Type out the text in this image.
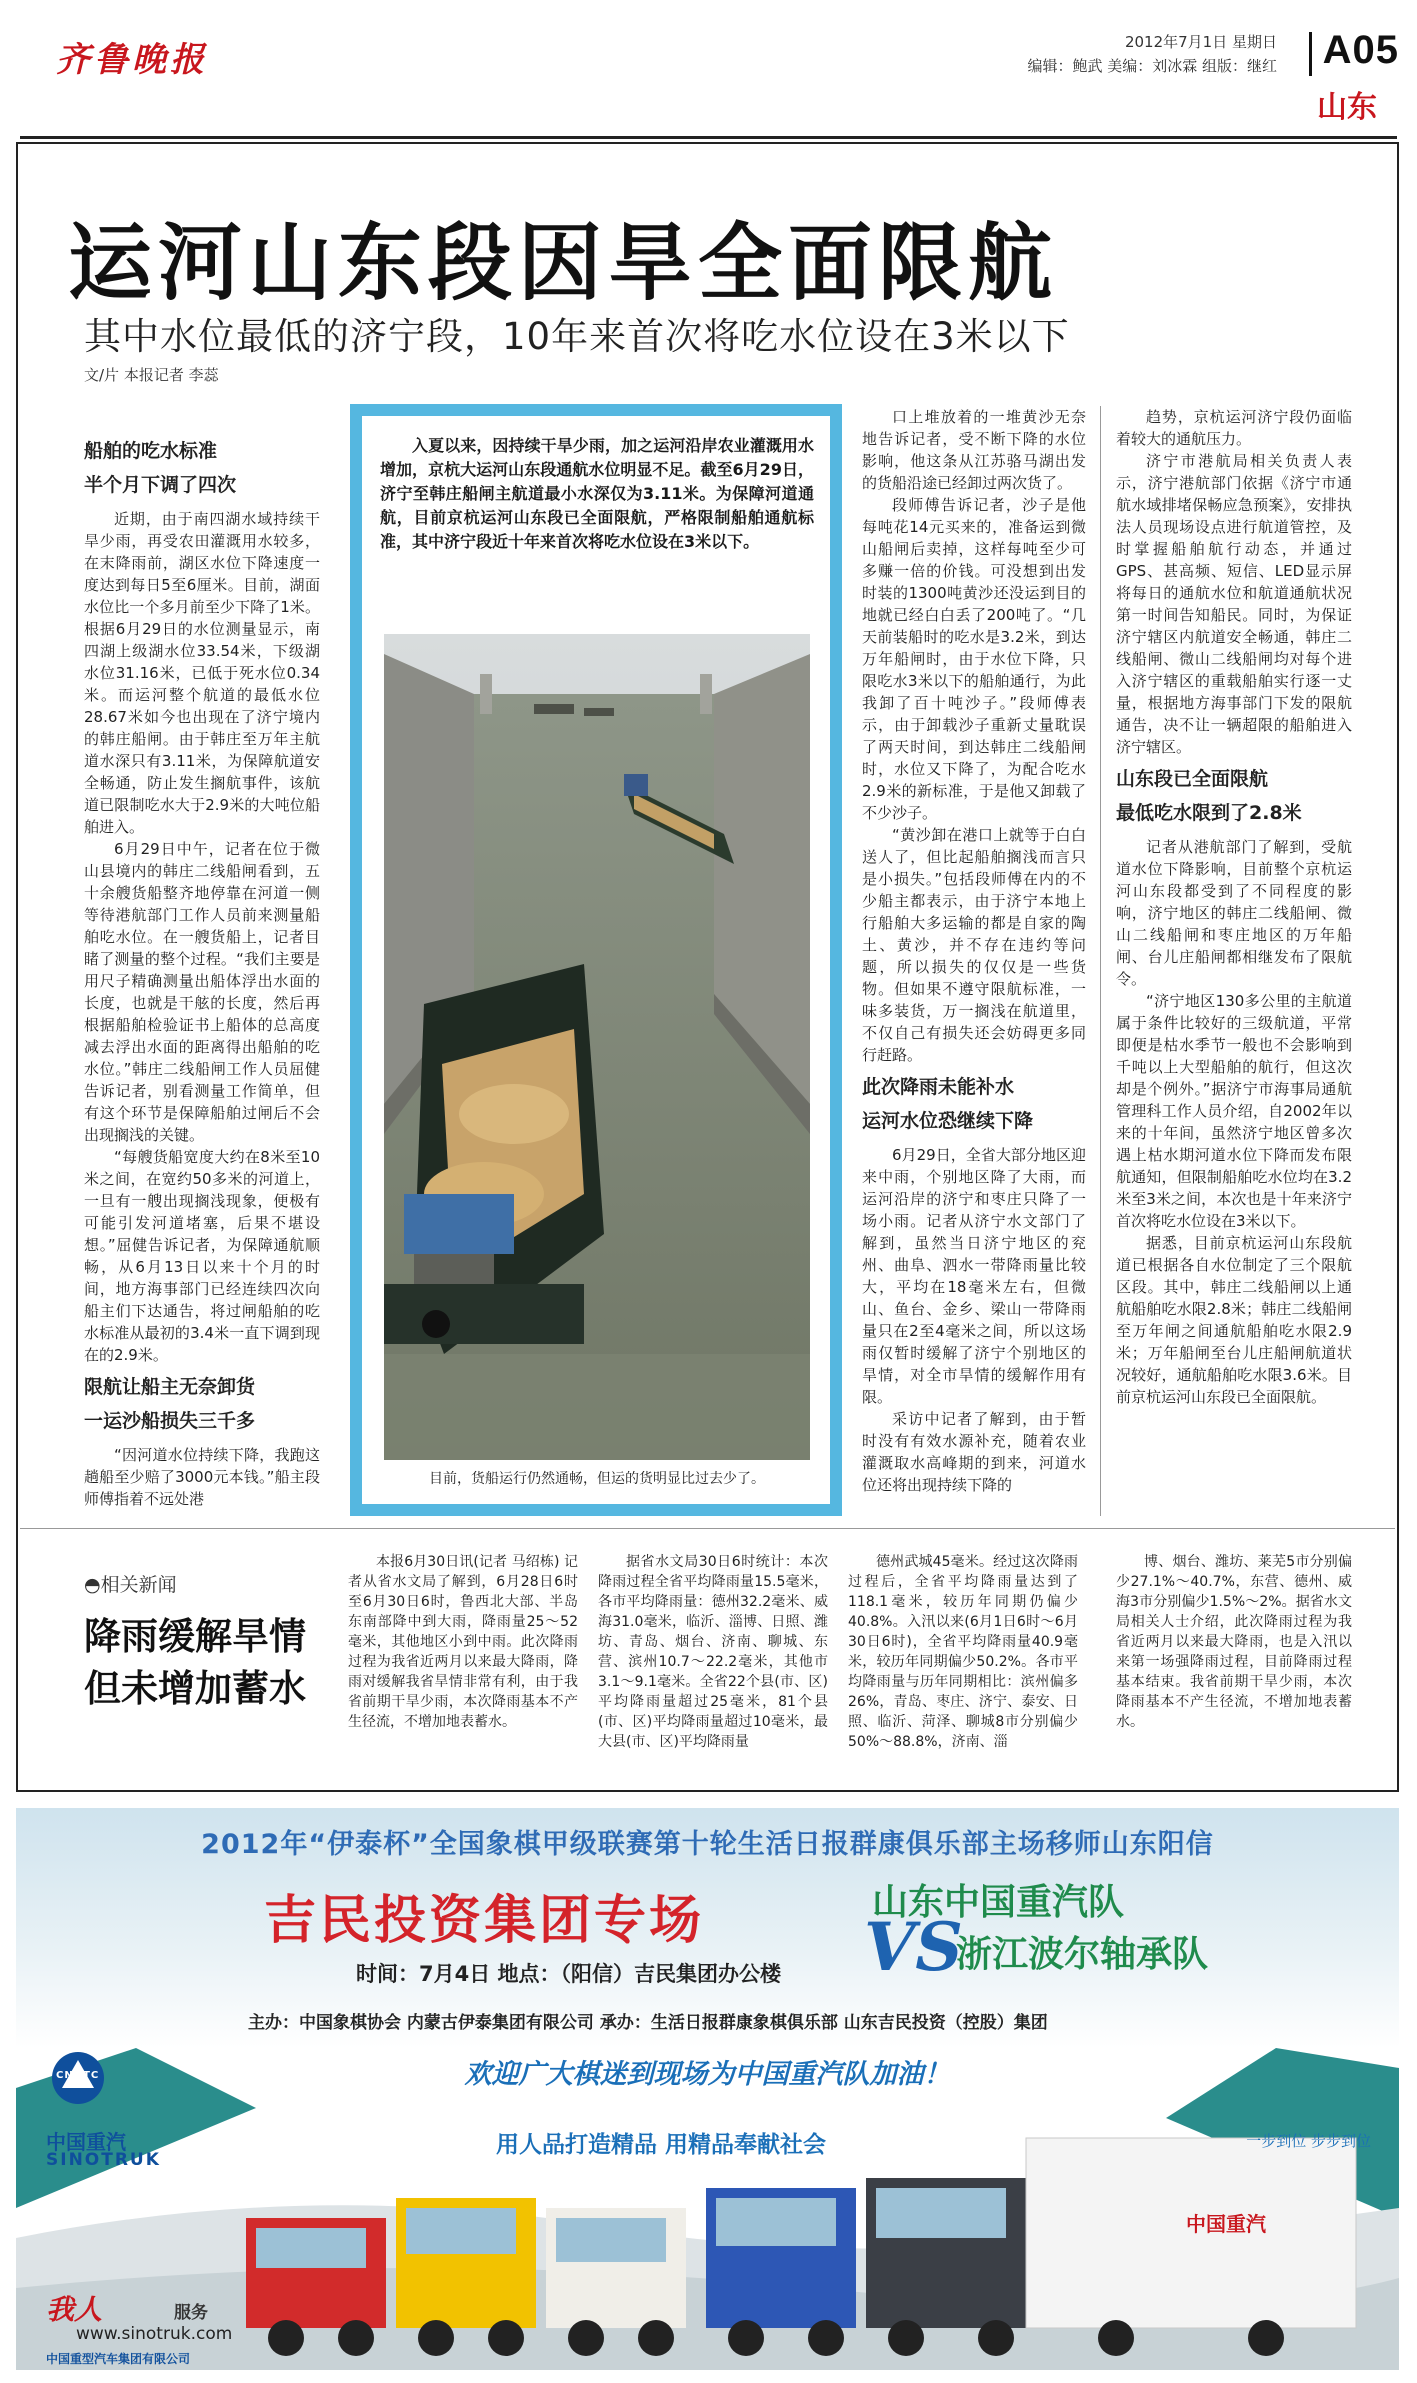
齐鲁晚报	2012年7月1日 星期日
编辑：鲍武 美编：刘冰霖 组版：继红 A05
山东
运河山东段因旱全面限航
其中水位最低的济宁段，10年来首次将吃水位设在3米以下
文/片 本报记者 李蕊
船舶的吃水标准
半个月下调了四次

近期，由于南四湖水域持续干旱少雨，再受农田灌溉用水较多，在末降雨前，湖区水位下降速度一度达到每日5至6厘米。目前，湖面水位比一个多月前至少下降了1米。根据6月29日的水位测量显示，南四湖上级湖水位33.54米，下级湖水位31.16米，已低于死水位0.34米。而运河整个航道的最低水位28.67米如今也出现在了济宁境内的韩庄船闸。由于韩庄至万年主航道水深只有3.11米，为保障航道安全畅通，防止发生搁航事件，该航道已限制吃水大于2.9米的大吨位船舶进入。

6月29日中午，记者在位于微山县境内的韩庄二线船闸看到，五十余艘货船整齐地停靠在河道一侧等待港航部门工作人员前来测量船舶吃水位。在一艘货船上，记者目睹了测量的整个过程。“我们主要是用尺子精确测量出船体浮出水面的长度，也就是干舷的长度，然后再根据船舶检验证书上船体的总高度减去浮出水面的距离得出船舶的吃水位。”韩庄二线船闸工作人员屈健告诉记者，别看测量工作简单，但有这个环节是保障船舶过闸后不会出现搁浅的关键。

“每艘货船宽度大约在8米至10米之间，在宽约50多米的河道上，一旦有一艘出现搁浅现象，便极有可能引发河道堵塞，后果不堪设想。”屈健告诉记者，为保障通航顺畅，从6月13日以来十个月的时间，地方海事部门已经连续四次向船主们下达通告，将过闸船舶的吃水标准从最初的3.4米一直下调到现在的2.9米。

限航让船主无奈卸货
一运沙船损失三千多

“因河道水位持续下降，我跑这趟船至少赔了3000元本钱。”船主段师傅指着不远处港

入夏以来，因持续干旱少雨，加之运河沿岸农业灌溉用水增加，京杭大运河山东段通航水位明显不足。截至6月29日，济宁至韩庄船闸主航道最小水深仅为3.11米。为保障河道通航，目前京杭运河山东段已全面限航，严格限制船舶通航标准，其中济宁段近十年来首次将吃水位设在3米以下。
目前，货船运行仍然通畅，但运的货明显比过去少了。

口上堆放着的一堆黄沙无奈地告诉记者，受不断下降的水位影响，他这条从江苏骆马湖出发的货船沿途已经卸过两次货了。

段师傅告诉记者，沙子是他每吨花14元买来的，准备运到微山船闸后卖掉，这样每吨至少可多赚一倍的价钱。可没想到出发时装的1300吨黄沙还没运到目的地就已经白白丢了200吨了。“几天前装船时的吃水是3.2米，到达万年船闸时，由于水位下降，只限吃水3米以下的船舶通行，为此我卸了百十吨沙子。”段师傅表示，由于卸载沙子重新丈量耽误了两天时间，到达韩庄二线船闸时，水位又下降了，为配合吃水2.9米的新标准，于是他又卸载了不少沙子。

“黄沙卸在港口上就等于白白送人了，但比起船舶搁浅而言只是小损失。”包括段师傅在内的不少船主都表示，由于济宁本地上行船舶大多运输的都是自家的陶土、黄沙，并不存在违约等问题，所以损失的仅仅是一些货物。但如果不遵守限航标准，一味多装货，万一搁浅在航道里，不仅自己有损失还会妨碍更多同行赶路。

此次降雨未能补水
运河水位恐继续下降

6月29日，全省大部分地区迎来中雨，个别地区降了大雨，而运河沿岸的济宁和枣庄只降了一场小雨。记者从济宁水文部门了解到，虽然当日济宁地区的兖州、曲阜、泗水一带降雨量比较大，平均在18毫米左右，但微山、鱼台、金乡、梁山一带降雨量只在2至4毫米之间，所以这场雨仅暂时缓解了济宁个别地区的旱情，对全市旱情的缓解作用有限。

采访中记者了解到，由于暂时没有有效水源补充，随着农业灌溉取水高峰期的到来，河道水位还将出现持续下降的

趋势，京杭运河济宁段仍面临着较大的通航压力。

济宁市港航局相关负责人表示，济宁港航部门依据《济宁市通航水域排堵保畅应急预案》，安排执法人员现场设点进行航道管控，及时掌握船舶航行动态，并通过GPS、甚高频、短信、LED显示屏将每日的通航水位和航道通航状况第一时间告知船民。同时，为保证济宁辖区内航道安全畅通，韩庄二线船闸、微山二线船闸均对每个进入济宁辖区的重载船舶实行逐一丈量，根据地方海事部门下发的限航通告，决不让一辆超限的船舶进入济宁辖区。

山东段已全面限航
最低吃水限到了2.8米

记者从港航部门了解到，受航道水位下降影响，目前整个京杭运河山东段都受到了不同程度的影响，济宁地区的韩庄二线船闸、微山二线船闸和枣庄地区的万年船闸、台儿庄船闸都相继发布了限航令。

“济宁地区130多公里的主航道属于条件比较好的三级航道，平常即便是枯水季节一般也不会影响到千吨以上大型船舶的航行，但这次却是个例外。”据济宁市海事局通航管理科工作人员介绍，自2002年以来的十年间，虽然济宁地区曾多次遇上枯水期河道水位下降而发布限航通知，但限制船舶吃水位均在3.2米至3米之间，本次也是十年来济宁首次将吃水位设在3米以下。

据悉，目前京杭运河山东段航道已根据各自水位制定了三个限航区段。其中，韩庄二线船闸以上通航船舶吃水限2.8米；韩庄二线船闸至万年闸之间通航船舶吃水限2.9米；万年船闸至台儿庄船闸航道状况较好，通航船舶吃水限3.6米。目前京杭运河山东段已全面限航。

◓相关新闻
降雨缓解旱情
但未增加蓄水

本报6月30日讯(记者 马绍栋) 记者从省水文局了解到，6月28日6时至6月30日6时，鲁西北大部、半岛东南部降中到大雨，降雨量25～52毫米，其他地区小到中雨。此次降雨过程为我省近两月以来最大降雨，降雨对缓解我省旱情非常有利，由于我省前期干旱少雨，本次降雨基本不产生径流，不增加地表蓄水。

据省水文局30日6时统计：本次降雨过程全省平均降雨量15.5毫米，各市平均降雨量：德州32.2毫米、威海31.0毫米，临沂、淄博、日照、潍坊、青岛、烟台、济南、聊城、东营、滨州10.7～22.2毫米，其他市3.1～9.1毫米。全省22个县(市、区)平均降雨量超过25毫米，81个县(市、区)平均降雨量超过10毫米，最大县(市、区)平均降雨量

德州武城45毫米。经过这次降雨过程后，全省平均降雨量达到了118.1毫米，较历年同期仍偏少40.8%。入汛以来(6月1日6时～6月30日6时)，全省平均降雨量40.9毫米，较历年同期偏少50.2%。各市平均降雨量与历年同期相比：滨州偏多26%，青岛、枣庄、济宁、泰安、日照、临沂、菏泽、聊城8市分别偏少50%～88.8%，济南、淄

博、烟台、潍坊、莱芜5市分别偏少27.1%～40.7%，东营、德州、威海3市分别偏少1.5%～2%。据省水文局相关人士介绍，此次降雨过程为我省近两月以来最大降雨，也是入汛以来第一场强降雨过程，目前降雨过程基本结束。我省前期干旱少雨，本次降雨基本不产生径流，不增加地表蓄水。

2012年“伊泰杯”全国象棋甲级联赛第十轮生活日报群康俱乐部主场移师山东阳信
吉民投资集团专场	山东中国重汽队
VS
浙江波尔轴承队
时间：7月4日 地点：（阳信）吉民集团办公楼
主办：中国象棋协会 内蒙古伊泰集团有限公司 承办：生活日报群康象棋俱乐部 山东吉民投资（控股）集团
CNHTC
中国重汽
欢迎广大棋迷到现场为中国重汽队加油！
中国重汽
SINOTRUK
用人品打造精品 用精品奉献社会	一步到位 步步到位
我人	服务
www.sinotruk.com
中国重型汽车集团有限公司
